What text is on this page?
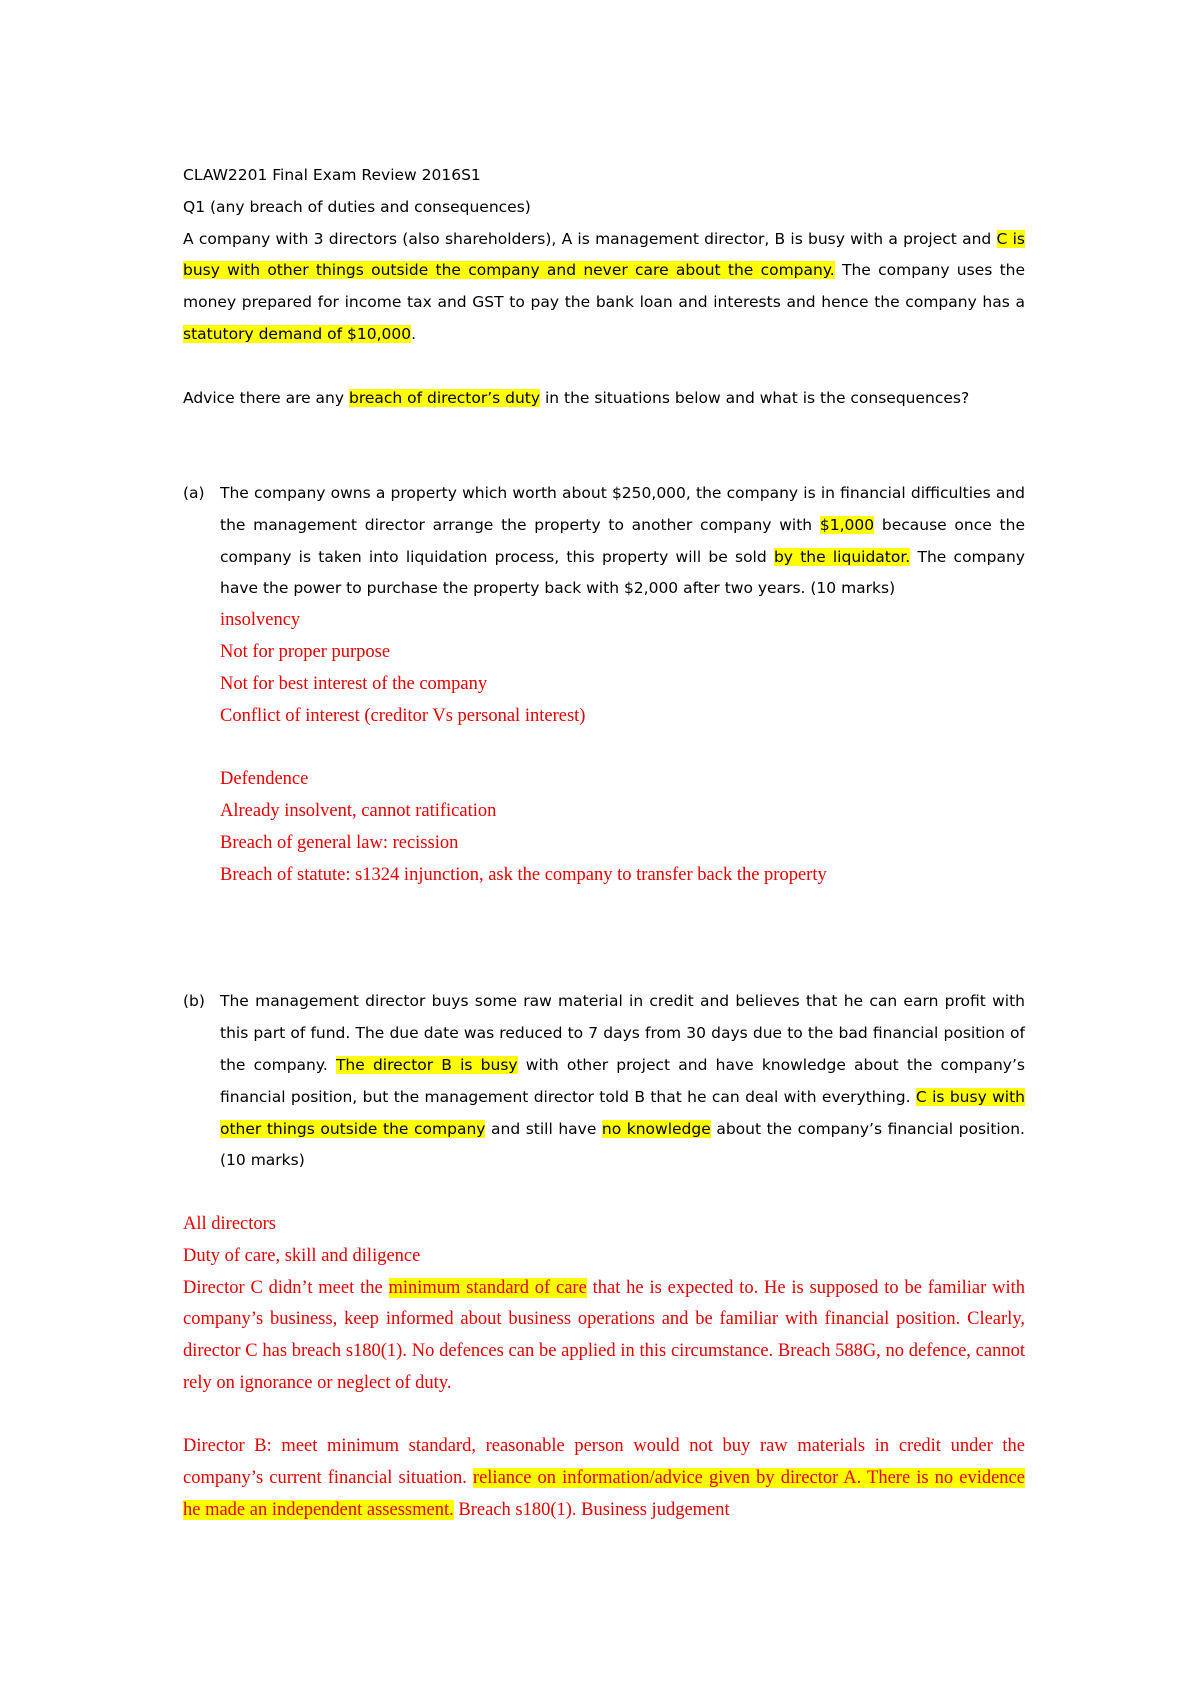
CLAW2201 Final Exam Review 2016S1

Q1 (any breach of duties and consequences)

A company with 3 directors (also shareholders), A is management director, B is busy with a project and C is busy with other things outside the company and never care about the company. The company uses the money prepared for income tax and GST to pay the bank loan and interests and hence the company has a statutory demand of $10,000.

Advice there are any breach of director’s duty in the situations below and what is the consequences?

(a) The company owns a property which worth about $250,000, the company is in financial difficulties and the management director arrange the property to another company with $1,000 because once the company is taken into liquidation process, this property will be sold by the liquidator. The company have the power to purchase the property back with $2,000 after two years. (10 marks)

insolvency

Not for proper purpose

Not for best interest of the company

Conflict of interest (creditor Vs personal interest)

Defendence

Already insolvent, cannot ratification

Breach of general law: recission

Breach of statute: s1324 injunction, ask the company to transfer back the property

(b) The management director buys some raw material in credit and believes that he can earn profit with this part of fund. The due date was reduced to 7 days from 30 days due to the bad financial position of the company. The director B is busy with other project and have knowledge about the company’s financial position, but the management director told B that he can deal with everything. C is busy with other things outside the company and still have no knowledge about the company’s financial position. (10 marks)

All directors

Duty of care, skill and diligence

Director C didn’t meet the minimum standard of care that he is expected to. He is supposed to be familiar with company’s business, keep informed about business operations and be familiar with financial position. Clearly, director C has breach s180(1). No defences can be applied in this circumstance. Breach 588G, no defence, cannot rely on ignorance or neglect of duty.

Director B: meet minimum standard, reasonable person would not buy raw materials in credit under the company’s current financial situation. reliance on information/advice given by director A. There is no evidence he made an independent assessment. Breach s180(1). Business judgement
